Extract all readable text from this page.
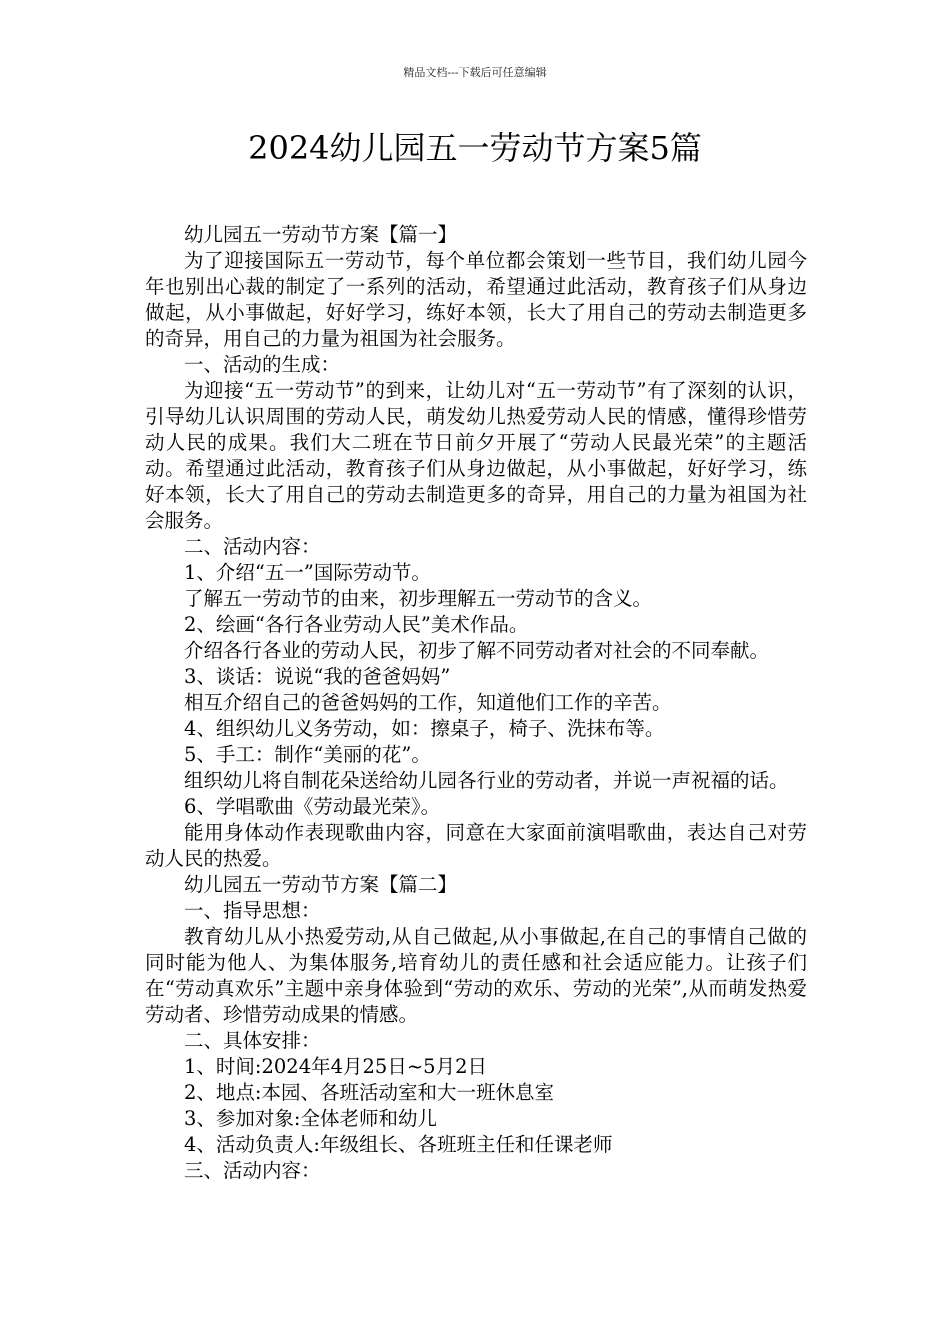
精品文档---下载后可任意编辑
2024幼儿园五一劳动节方案5篇

幼儿园五一劳动节方案【篇一】

为了迎接国际五一劳动节，每个单位都会策划一些节目，我们幼儿园今年也别出心裁的制定了一系列的活动，希望通过此活动，教育孩子们从身边做起，从小事做起，好好学习，练好本领，长大了用自己的劳动去制造更多的奇异，用自己的力量为祖国为社会服务。

一、活动的生成：

为迎接“五一劳动节”的到来，让幼儿对“五一劳动节”有了深刻的认识，引导幼儿认识周围的劳动人民，萌发幼儿热爱劳动人民的情感，懂得珍惜劳动人民的成果。我们大二班在节日前夕开展了“劳动人民最光荣”的主题活动。希望通过此活动，教育孩子们从身边做起，从小事做起，好好学习，练好本领，长大了用自己的劳动去制造更多的奇异，用自己的力量为祖国为社会服务。

二、活动内容：

1、介绍“五一”国际劳动节。

了解五一劳动节的由来，初步理解五一劳动节的含义。

2、绘画“各行各业劳动人民”美术作品。

介绍各行各业的劳动人民，初步了解不同劳动者对社会的不同奉献。

3、谈话：说说“我的爸爸妈妈”

相互介绍自己的爸爸妈妈的工作，知道他们工作的辛苦。

4、组织幼儿义务劳动，如：擦桌子，椅子、洗抹布等。

5、手工：制作“美丽的花”。

组织幼儿将自制花朵送给幼儿园各行业的劳动者，并说一声祝福的话。

6、学唱歌曲《劳动最光荣》。

能用身体动作表现歌曲内容，同意在大家面前演唱歌曲，表达自己对劳动人民的热爱。

幼儿园五一劳动节方案【篇二】

一、指导思想：

教育幼儿从小热爱劳动,从自己做起,从小事做起,在自己的事情自己做的同时能为他人、为集体服务,培育幼儿的责任感和社会适应能力。让孩子们在“劳动真欢乐”主题中亲身体验到“劳动的欢乐、劳动的光荣”,从而萌发热爱劳动者、珍惜劳动成果的情感。

二、具体安排：

1、时间:2024年4月25日~5月2日

2、地点:本园、各班活动室和大一班休息室

3、参加对象:全体老师和幼儿

4、活动负责人:年级组长、各班班主任和任课老师

三、活动内容：
